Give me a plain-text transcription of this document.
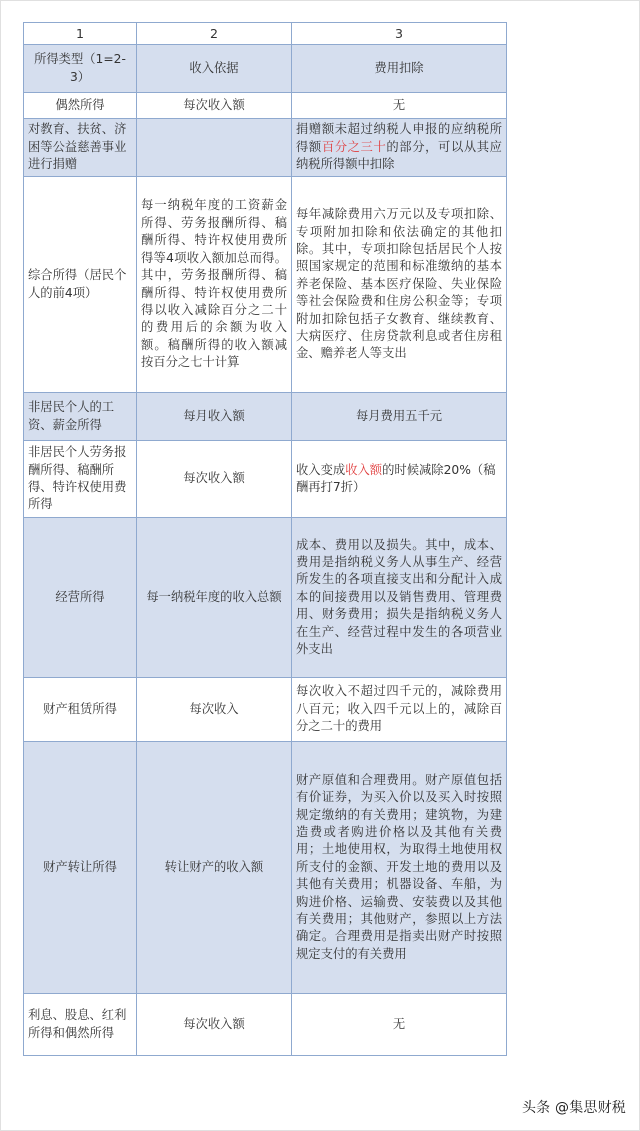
1	2	3
所得类型（1=2-3）	收入依据	费用扣除
偶然所得	每次收入额	无
对教育、扶贫、济困等公益慈善事业进行捐赠		捐赠额未超过纳税人申报的应纳税所得额百分之三十的部分，可以从其应纳税所得额中扣除
综合所得（居民个人的前4项）	每一纳税年度的工资薪金所得、劳务报酬所得、稿酬所得、特许权使用费所得等4项收入额加总而得。其中，劳务报酬所得、稿酬所得、特许权使用费所得以收入减除百分之二十的费用后的余额为收入额。稿酬所得的收入额减按百分之七十计算	每年减除费用六万元以及专项扣除、专项附加扣除和依法确定的其他扣除。其中，专项扣除包括居民个人按照国家规定的范围和标准缴纳的基本养老保险、基本医疗保险、失业保险等社会保险费和住房公积金等；专项附加扣除包括子女教育、继续教育、大病医疗、住房贷款利息或者住房租金、赡养老人等支出
非居民个人的工资、薪金所得	每月收入额	每月费用五千元
非居民个人劳务报酬所得、稿酬所得、特许权使用费所得	每次收入额	收入变成收入额的时候减除20%（稿酬再打7折）
经营所得	每一纳税年度的收入总额	成本、费用以及损失。其中，成本、费用是指纳税义务人从事生产、经营所发生的各项直接支出和分配计入成本的间接费用以及销售费用、管理费用、财务费用；损失是指纳税义务人在生产、经营过程中发生的各项营业外支出
财产租赁所得	每次收入	每次收入不超过四千元的，减除费用八百元；收入四千元以上的，减除百分之二十的费用
财产转让所得	转让财产的收入额	财产原值和合理费用。财产原值包括有价证券，为买入价以及买入时按照规定缴纳的有关费用；建筑物，为建造费或者购进价格以及其他有关费用；土地使用权，为取得土地使用权所支付的金额、开发土地的费用以及其他有关费用；机器设备、车船，为购进价格、运输费、安装费以及其他有关费用；其他财产，参照以上方法确定。合理费用是指卖出财产时按照规定支付的有关费用
利息、股息、红利所得和偶然所得	每次收入额	无
头条 @集思财税
